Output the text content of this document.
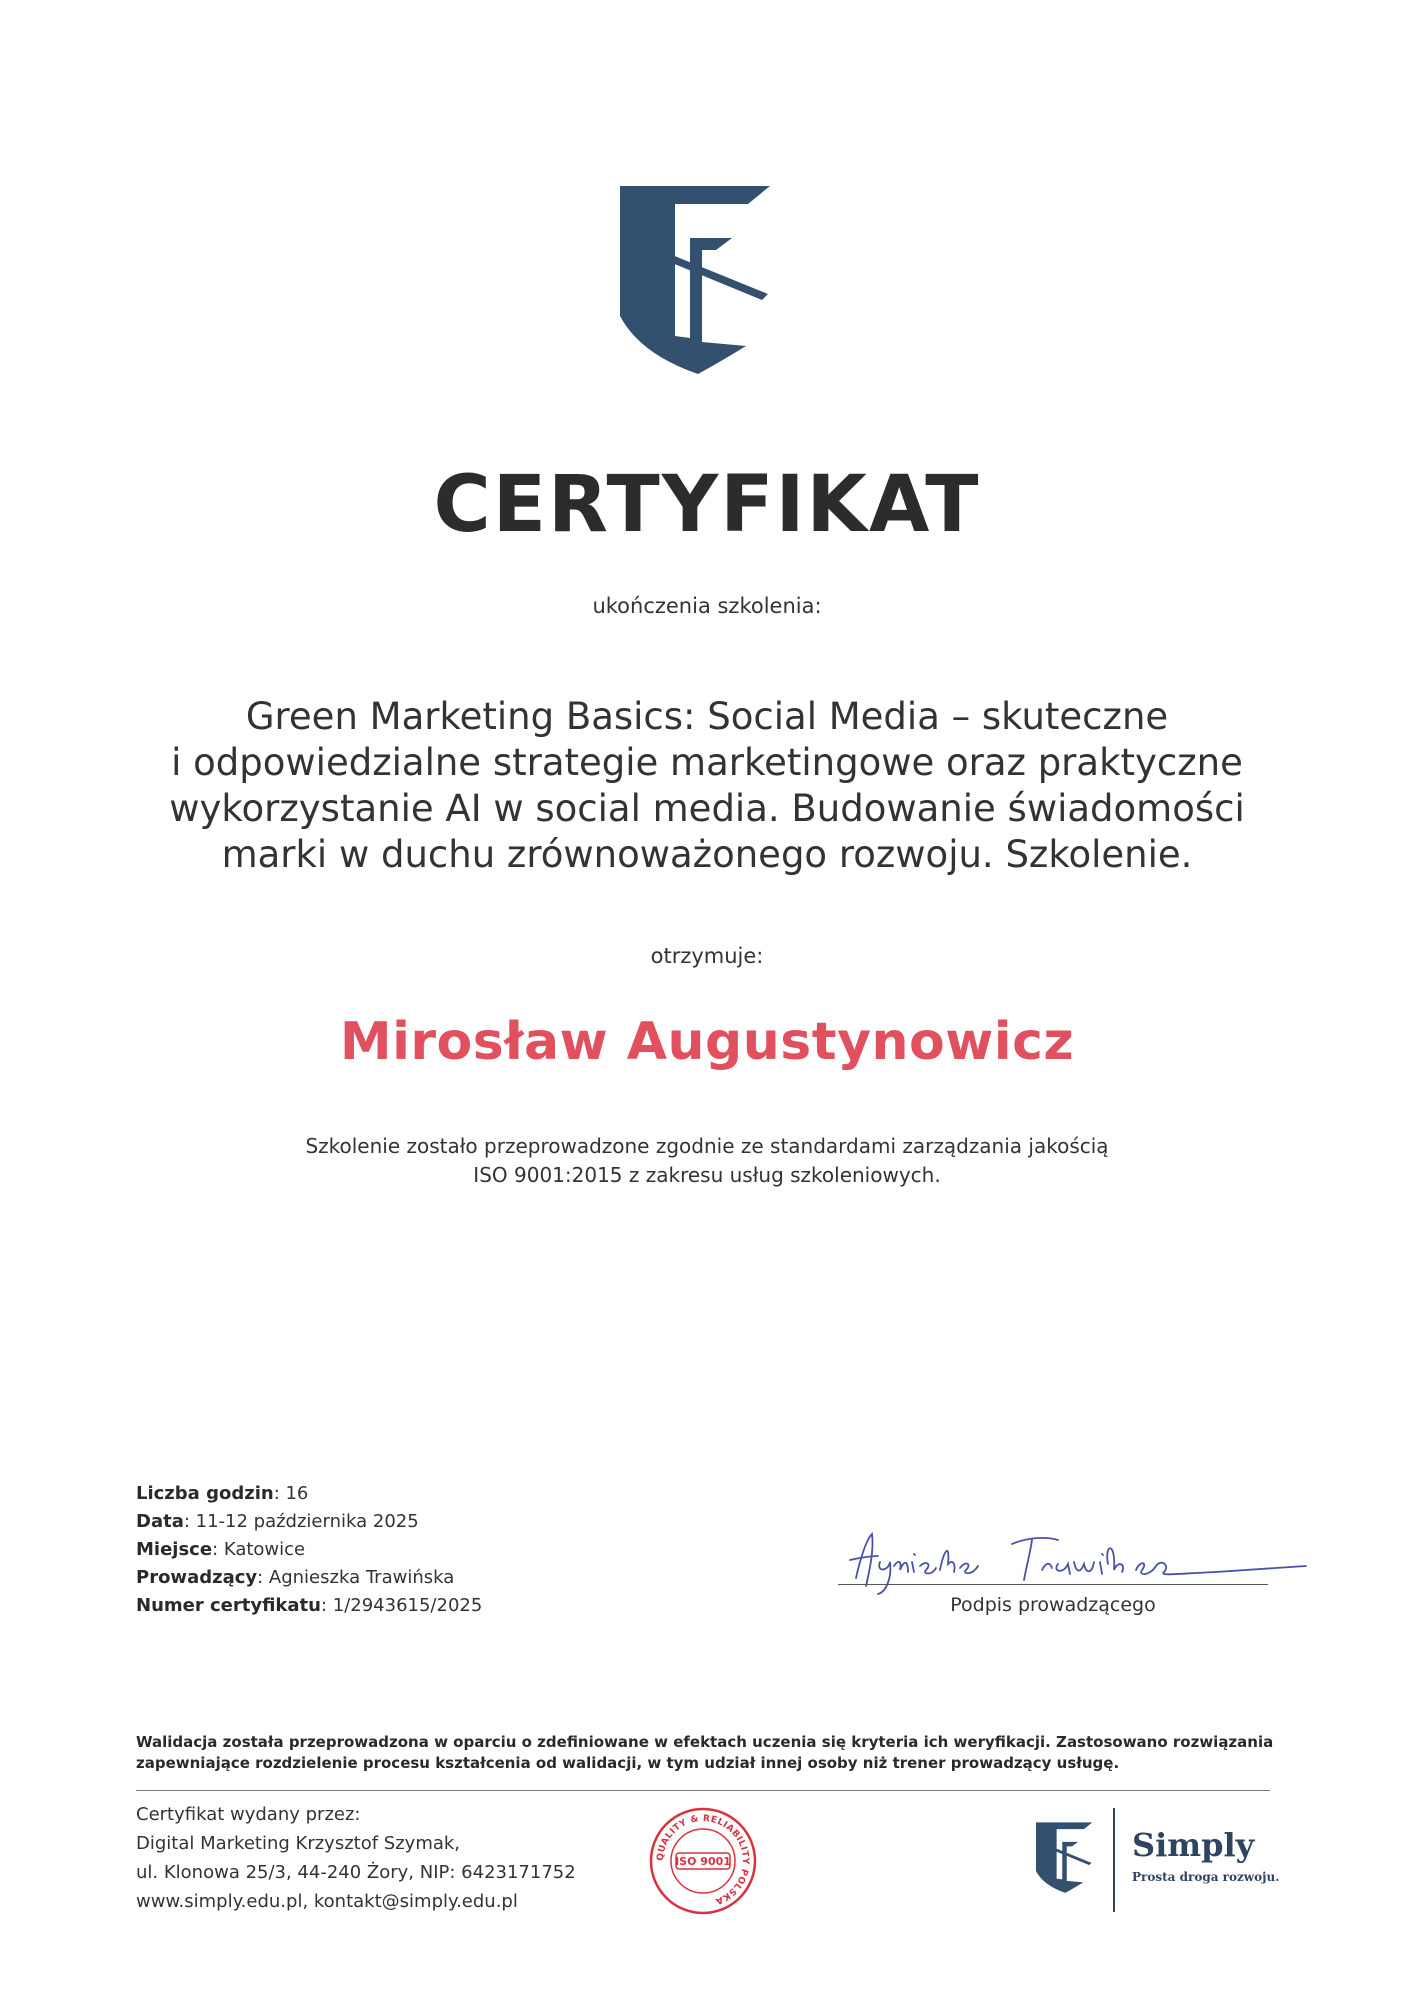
CERTYFIKAT
ukończenia szkolenia:
Green Marketing Basics: Social Media – skuteczne
i odpowiedzialne strategie marketingowe oraz praktyczne
wykorzystanie AI w social media. Budowanie świadomości
marki w duchu zrównoważonego rozwoju. Szkolenie.
otrzymuje:
Mirosław Augustynowicz
Szkolenie zostało przeprowadzone zgodnie ze standardami zarządzania jakością
ISO 9001:2015 z zakresu usług szkoleniowych.
Liczba godzin: 16
Data: 11-12 października 2025
Miejsce: Katowice
Prowadzący: Agnieszka Trawińska
Numer certyfikatu: 1/2943615/2025	Podpis prowadzącego
Walidacja została przeprowadzona w oparciu o zdefiniowane w efektach uczenia się kryteria ich weryfikacji. Zastosowano rozwiązania
zapewniające rozdzielenie procesu kształcenia od walidacji, w tym udział innej osoby niż trener prowadzący usługę.
Certyfikat wydany przez:
Digital Marketing Krzysztof Szymak,
ul. Klonowa 25/3, 44-240 Żory, NIP: 6423171752
www.simply.edu.pl, kontakt@simply.edu.pl
QUALITY & RELIABILITY POLSKA
ISO 9001	Simply
Prosta droga rozwoju.
